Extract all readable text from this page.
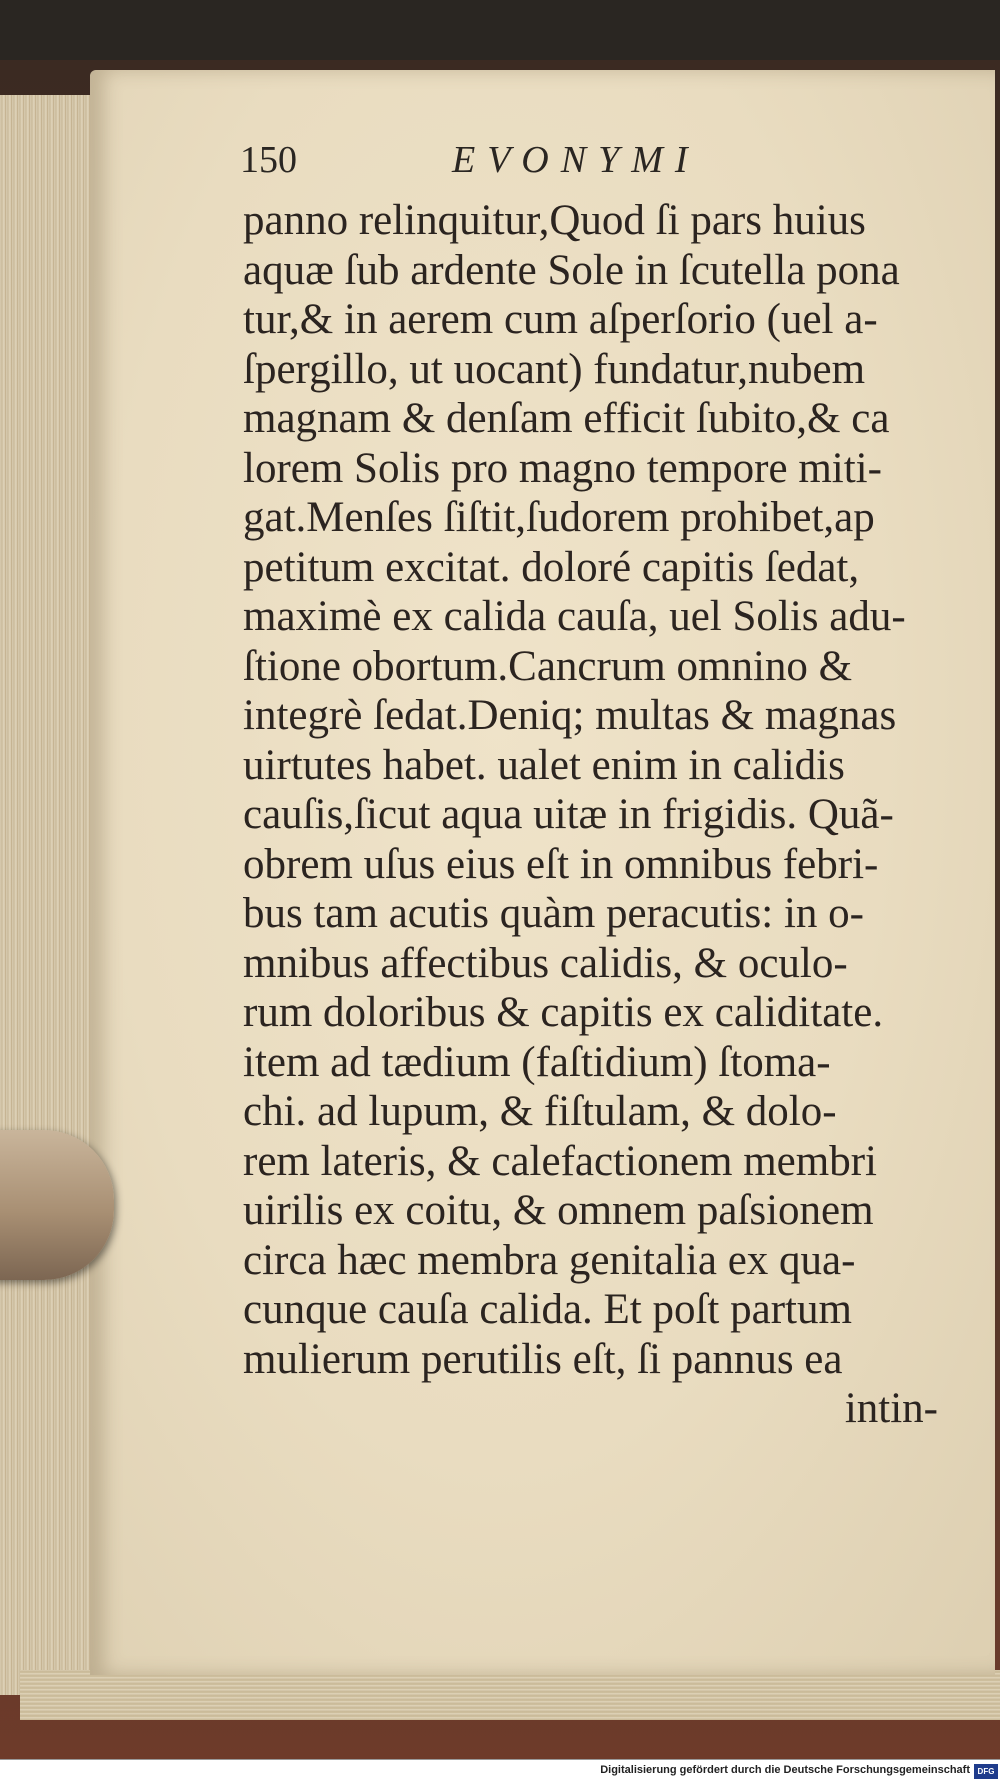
150	EVONYMI
panno relinquitur,Quod ſi pars huius
aquæ ſub ardente Sole in ſcutella pona
tur,& in aerem cum aſperſorio (uel a-
ſpergillo, ut uocant) fundatur,nubem
magnam & denſam efficit ſubito,& ca
lorem Solis pro magno tempore miti-
gat.Menſes ſiſtit,ſudorem prohibet,ap
petitum excitat. doloré capitis ſedat,
maximè ex calida cauſa, uel Solis adu-
ſtione obortum.Cancrum omnino &
integrè ſedat.Deniq; multas & magnas
uirtutes habet. ualet enim in calidis
cauſis,ſicut aqua uitæ in frigidis. Quã-
obrem uſus eius eſt in omnibus febri-
bus tam acutis quàm peracutis: in o-
mnibus affectibus calidis, & oculo-
rum doloribus & capitis ex caliditate.
item ad tædium (faſtidium) ſtoma-
chi. ad lupum, & fiſtulam, & dolo-
rem lateris, & calefactionem membri
uirilis ex coitu, & omnem paſsionem
circa hæc membra genitalia ex qua-
cunque cauſa calida. Et poſt partum
mulierum perutilis eſt, ſi pannus ea
intin-
Digitalisierung gefördert durch die Deutsche Forschungsgemeinschaft DFG
